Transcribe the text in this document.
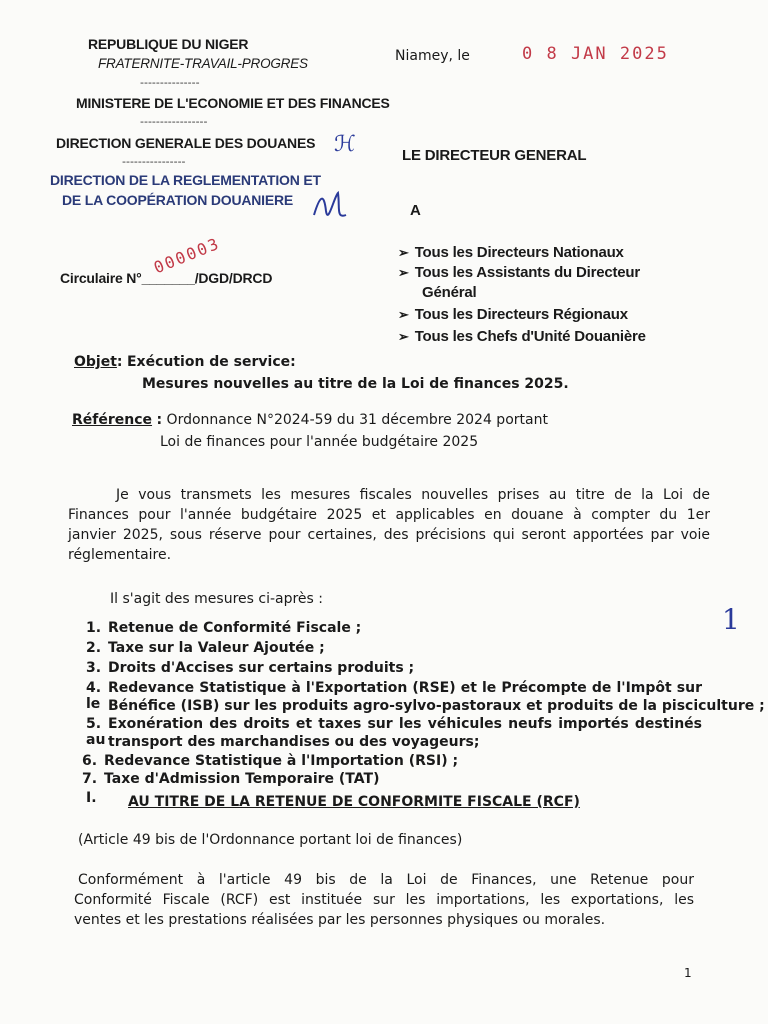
REPUBLIQUE DU NIGER
FRATERNITE-TRAVAIL-PROGRES
---------------
MINISTERE DE L'ECONOMIE ET DES FINANCES
-----------------
DIRECTION GENERALE DES DOUANES ℋ
----------------
DIRECTION DE LA REGLEMENTATION ET
DE LA COOPÉRATION DOUANIERE
Niamey, le	0 8 JAN 2025
LE DIRECTEUR GENERAL
A
➢ Tous les Directeurs Nationaux
➢ Tous les Assistants du Directeur
Général
➢ Tous les Directeurs Régionaux
➢ Tous les Chefs d'Unité Douanière
Circulaire N°_______/DGD/DRCD
000003
Objet: Exécution de service:
Mesures nouvelles au titre de la Loi de finances 2025.
Référence : Ordonnance N°2024-59 du 31 décembre 2024 portant
Loi de finances pour l'année budgétaire 2025
Je vous transmets les mesures fiscales nouvelles prises au titre de la Loi de
Finances pour l'année budgétaire 2025 et applicables en douane à compter du 1er
janvier 2025, sous réserve pour certaines, des précisions qui seront apportées par voie
réglementaire.
Il s'agit des mesures ci-après :
1
1. Retenue de Conformité Fiscale ;
2. Taxe sur la Valeur Ajoutée ;
3. Droits d'Accises sur certains produits ;
4. Redevance Statistique à l'Exportation (RSE) et le Précompte de l'Impôt sur le Bénéfice (ISB) sur les produits agro-sylvo-pastoraux et produits de la pisciculture ;
5. Exonération des droits et taxes sur les véhicules neufs importés destinés au transport des marchandises ou des voyageurs;
6. Redevance Statistique à l'Importation (RSI) ;
7. Taxe d'Admission Temporaire (TAT)
I. AU TITRE DE LA RETENUE DE CONFORMITE FISCALE (RCF)
(Article 49 bis de l'Ordonnance portant loi de finances)
Conformément à l'article 49 bis de la Loi de Finances, une Retenue pour
Conformité Fiscale (RCF) est instituée sur les importations, les exportations, les
ventes et les prestations réalisées par les personnes physiques ou morales.
1
